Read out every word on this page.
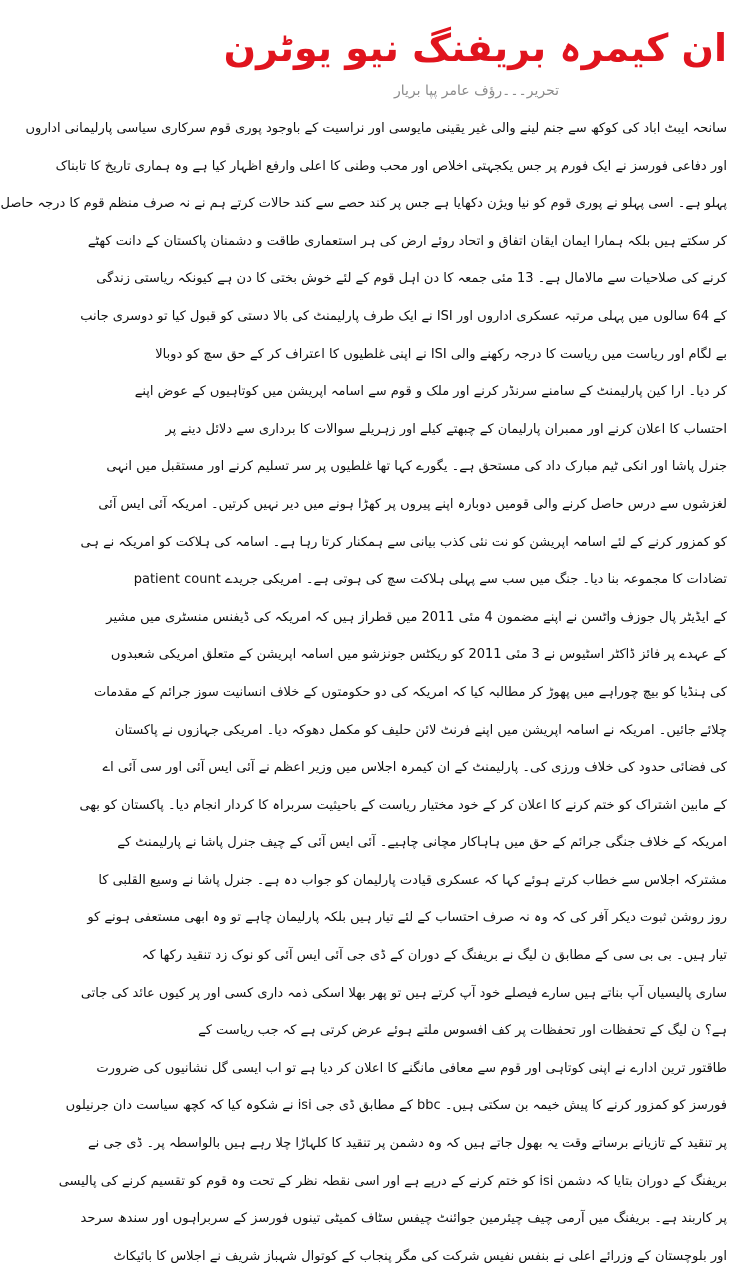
ان کیمرہ بریفنگ نیو یوٹرن
تحریر۔۔۔رؤف عامر پپا بریار
سانحہ ایبٹ اباد کی کوکھ سے جنم لینے والی غیر یقینی مایوسی اور نراسیت کے باوجود پوری قوم سرکاری سیاسی پارلیمانی اداروں
اور دفاعی فورسز نے ایک فورم پر جس یکجہتی اخلاص اور محب وطنی کا اعلی وارفع اظہار کیا ہے وہ ہماری تاریخ کا تابناک
پہلو ہے۔ اسی پہلو نے پوری قوم کو نیا ویژن دکھایا ہے جس پر کند حصے سے کند حالات کرتے ہم نے نہ صرف منظم قوم کا درجہ حاصل
کر سکتے ہیں بلکہ ہمارا ایمان ایقان اتفاق و اتحاد روئے ارض کی ہر استعماری طاقت و دشمنان پاکستان کے دانت کھٹے
کرنے کی صلاحیات سے مالامال ہے۔ 13 مئی جمعہ کا دن اہل قوم کے لئے خوش بختی کا دن ہے کیونکہ ریاستی زندگی
کے 64 سالوں میں پہلی مرتبہ عسکری اداروں اور ISI نے ایک طرف پارلیمنٹ کی بالا دستی کو قبول کیا تو دوسری جانب
بے لگام اور ریاست میں ریاست کا درجہ رکھنے والی ISI نے اپنی غلطیوں کا اعتراف کر کے حق سچ کو دوبالا
کر دیا۔ ارا کین پارلیمنٹ کے سامنے سرنڈر کرنے اور ملک و قوم سے اسامہ اپریشن میں کوتاہیوں کے عوض اپنے
احتساب کا اعلان کرنے اور ممبران پارلیمان کے چبھتے کیلے اور زہریلے سوالات کا برداری سے دلائل دینے پر
جنرل پاشا اور انکی ٹیم مبارک داد کی مستحق ہے۔ یگورے کہا تھا غلطیوں پر سر تسلیم کرنے اور مستقبل میں انہی
لغزشوں سے درس حاصل کرنے والی قومیں دوبارہ اپنے پیروں پر کھڑا ہونے میں دیر نہیں کرتیں۔ امریکہ آئی ایس آئی
کو کمزور کرنے کے لئے اسامہ اپریشن کو نت نئی کذب بیانی سے ہمکنار کرتا رہا ہے۔ اسامہ کی ہلاکت کو امریکہ نے ہی
تضادات کا مجموعہ بنا دیا۔ جنگ میں سب سے پہلی ہلاکت سچ کی ہوتی ہے۔ امریکی جریدے patient count
کے ایڈیٹر پال جوزف واٹسن نے اپنے مضمون 4 مئی 2011 میں قطراز ہیں کہ امریکہ کی ڈیفنس منسٹری میں مشیر
کے عہدے پر فائز ڈاکٹر اسٹیوس نے 3 مئی 2011 کو ریکٹس جونزشو میں اسامہ اپریشن کے متعلق امریکی شعبدوں
کی ہنڈیا کو بیچ چوراہے میں پھوڑ کر مطالبہ کیا کہ امریکہ کی دو حکومتوں کے خلاف انسانیت سوز جرائم کے مقدمات
چلائے جائیں۔ امریکہ نے اسامہ اپریشن میں اپنے فرنٹ لائن حلیف کو مکمل دھوکہ دیا۔ امریکی جہازوں نے پاکستان
کی فضائی حدود کی خلاف ورزی کی۔ پارلیمنٹ کے ان کیمرہ اجلاس میں وزیر اعظم نے آئی ایس آئی اور سی آئی اے
کے مابین اشتراک کو ختم کرنے کا اعلان کر کے خود مختیار ریاست کے باحیثیت سربراہ کا کردار انجام دیا۔ پاکستان کو بھی
امریکہ کے خلاف جنگی جرائم کے حق میں ہاہاکار مچانی چاہیے۔ آئی ایس آئی کے چیف جنرل پاشا نے پارلیمنٹ کے
مشترکہ اجلاس سے خطاب کرتے ہوئے کہا کہ عسکری قیادت پارلیمان کو جواب دہ ہے۔ جنرل پاشا نے وسیع القلبی کا
روز روشن ثبوت دیکر آفر کی کہ وہ نہ صرف احتساب کے لئے تیار ہیں بلکہ پارلیمان چاہے تو وہ ابھی مستعفی ہونے کو
تیار ہیں۔ بی بی سی کے مطابق ن لیگ نے بریفنگ کے دوران کے ڈی جی آئی ایس آئی کو نوک زد تنقید رکھا کہ
ساری پالیسیاں آپ بناتے ہیں سارے فیصلے خود آپ کرتے ہیں تو پھر بھلا اسکی ذمہ داری کسی اور پر کیوں عائد کی جاتی
ہے؟ ن لیگ کے تحفظات اور تحفظات پر کف افسوس ملتے ہوئے عرض کرتی ہے کہ جب ریاست کے
طاقتور ترین ادارے نے اپنی کوتاہی اور قوم سے معافی مانگنے کا اعلان کر دیا ہے تو اب ایسی گل نشانیوں کی ضرورت
فورسز کو کمزور کرنے کا پیش خیمہ بن سکتی ہیں۔ bbc کے مطابق ڈی جی isi نے شکوہ کیا کہ کچھ سیاست دان جرنیلوں
پر تنقید کے تازیانے برساتے وقت یہ بھول جاتے ہیں کہ وہ دشمن پر تنقید کا کلہاڑا چلا رہے ہیں بالواسطہ پر۔ ڈی جی نے
بریفنگ کے دوران بتایا کہ دشمن isi کو ختم کرنے کے درپے ہے اور اسی نقطہ نظر کے تحت وہ قوم کو تقسیم کرنے کی پالیسی
پر کاربند ہے۔ بریفنگ میں آرمی چیف چیئرمین جوائنٹ چیفس سٹاف کمیٹی تینوں فورسز کے سربراہوں اور سندھ سرحد
اور بلوچستان کے وزرائے اعلی نے بنفس نفیس شرکت کی مگر پنجاب کے کوتوال شہباز شریف نے اجلاس کا بائیکاٹ
